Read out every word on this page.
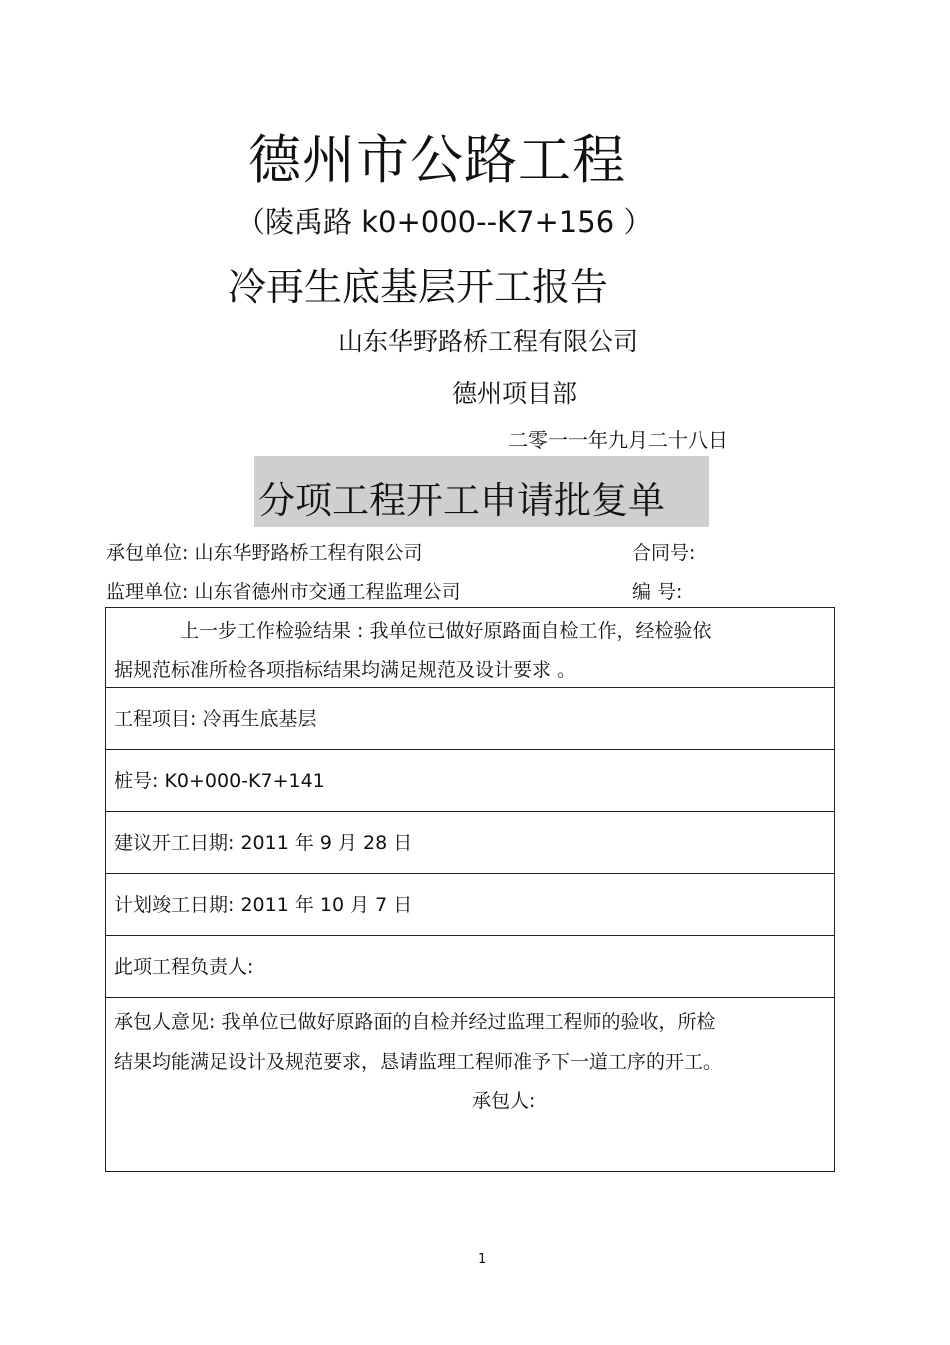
德州市公路工程
（陵禹路 k0+000--K7+156 ）
冷再生底基层开工报告
山东华野路桥工程有限公司
德州项目部
二零一一年九月二十八日
分项工程开工申请批复单
承包单位: 山东华野路桥工程有限公司	合同号:
监理单位: 山东省德州市交通工程监理公司	编 号:
上一步工作检验结果 : 我单位已做好原路面自检工作，经检验依
据规范标准所检各项指标结果均满足规范及设计要求 。
工程项目: 冷再生底基层
桩号: K0+000-K7+141
建议开工日期: 2011 年 9 月 28 日
计划竣工日期: 2011 年 10 月 7 日
此项工程负责人:
承包人意见: 我单位已做好原路面的自检并经过监理工程师的验收，所检
结果均能满足设计及规范要求，恳请监理工程师准予下一道工序的开工。
承包人:
1
